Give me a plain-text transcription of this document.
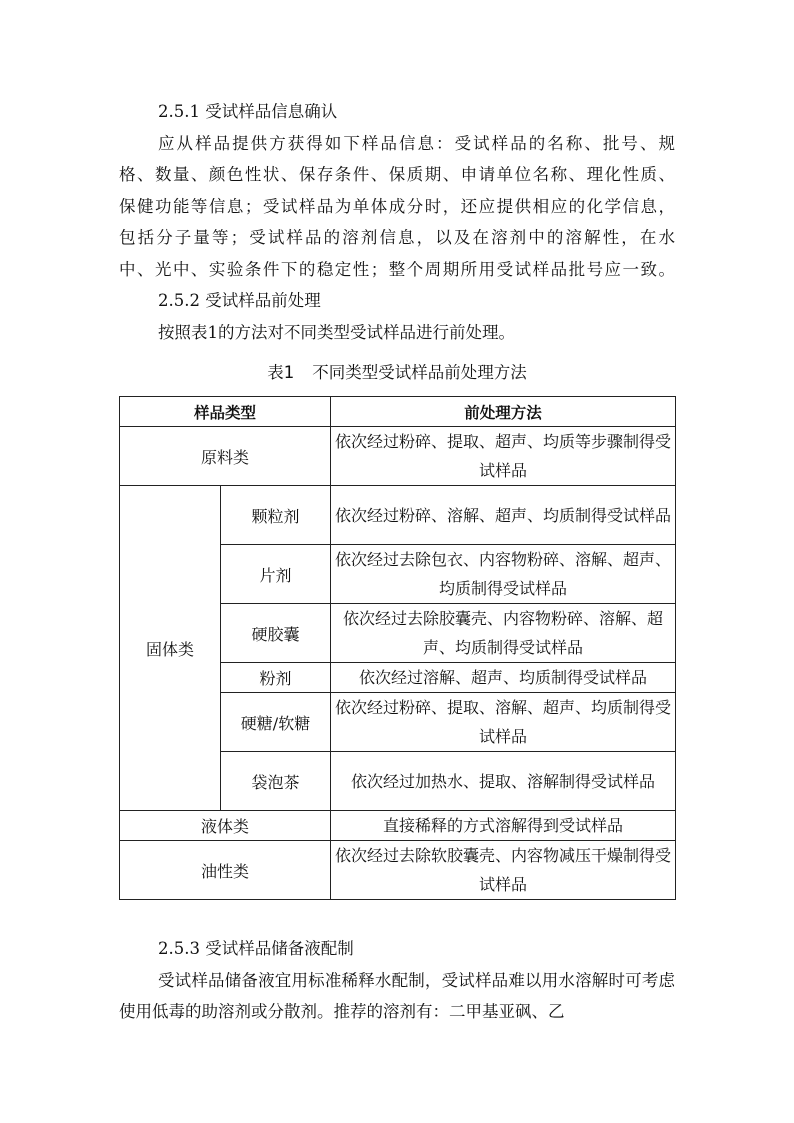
2.5.1 受试样品信息确认
应从样品提供方获得如下样品信息：受试样品的名称、批号、规
格、数量、颜色性状、保存条件、保质期、申请单位名称、理化性质、
保健功能等信息；受试样品为单体成分时，还应提供相应的化学信息，
包括分子量等；受试样品的溶剂信息，以及在溶剂中的溶解性，在水
中、光中、实验条件下的稳定性；整个周期所用受试样品批号应一致。
2.5.2 受试样品前处理
按照表1的方法对不同类型受试样品进行前处理。
表1 不同类型受试样品前处理方法
样品类型		前处理方法
原料类		依次经过粉碎、提取、超声、均质等步骤制得受试样品
固体类	颗粒剂	依次经过粉碎、溶解、超声、均质制得受试样品
	片剂	依次经过去除包衣、内容物粉碎、溶解、超声、均质制得受试样品
	硬胶囊	依次经过去除胶囊壳、内容物粉碎、溶解、超声、均质制得受试样品
	粉剂	依次经过溶解、超声、均质制得受试样品
	硬糖/软糖	依次经过粉碎、提取、溶解、超声、均质制得受试样品
	袋泡茶	依次经过加热水、提取、溶解制得受试样品
液体类		直接稀释的方式溶解得到受试样品
油性类		依次经过去除软胶囊壳、内容物减压干燥制得受试样品
2.5.3 受试样品储备液配制
受试样品储备液宜用标准稀释水配制，受试样品难以用水溶解时可考虑使用低毒的助溶剂或分散剂。推荐的溶剂有：二甲基亚砜、乙
